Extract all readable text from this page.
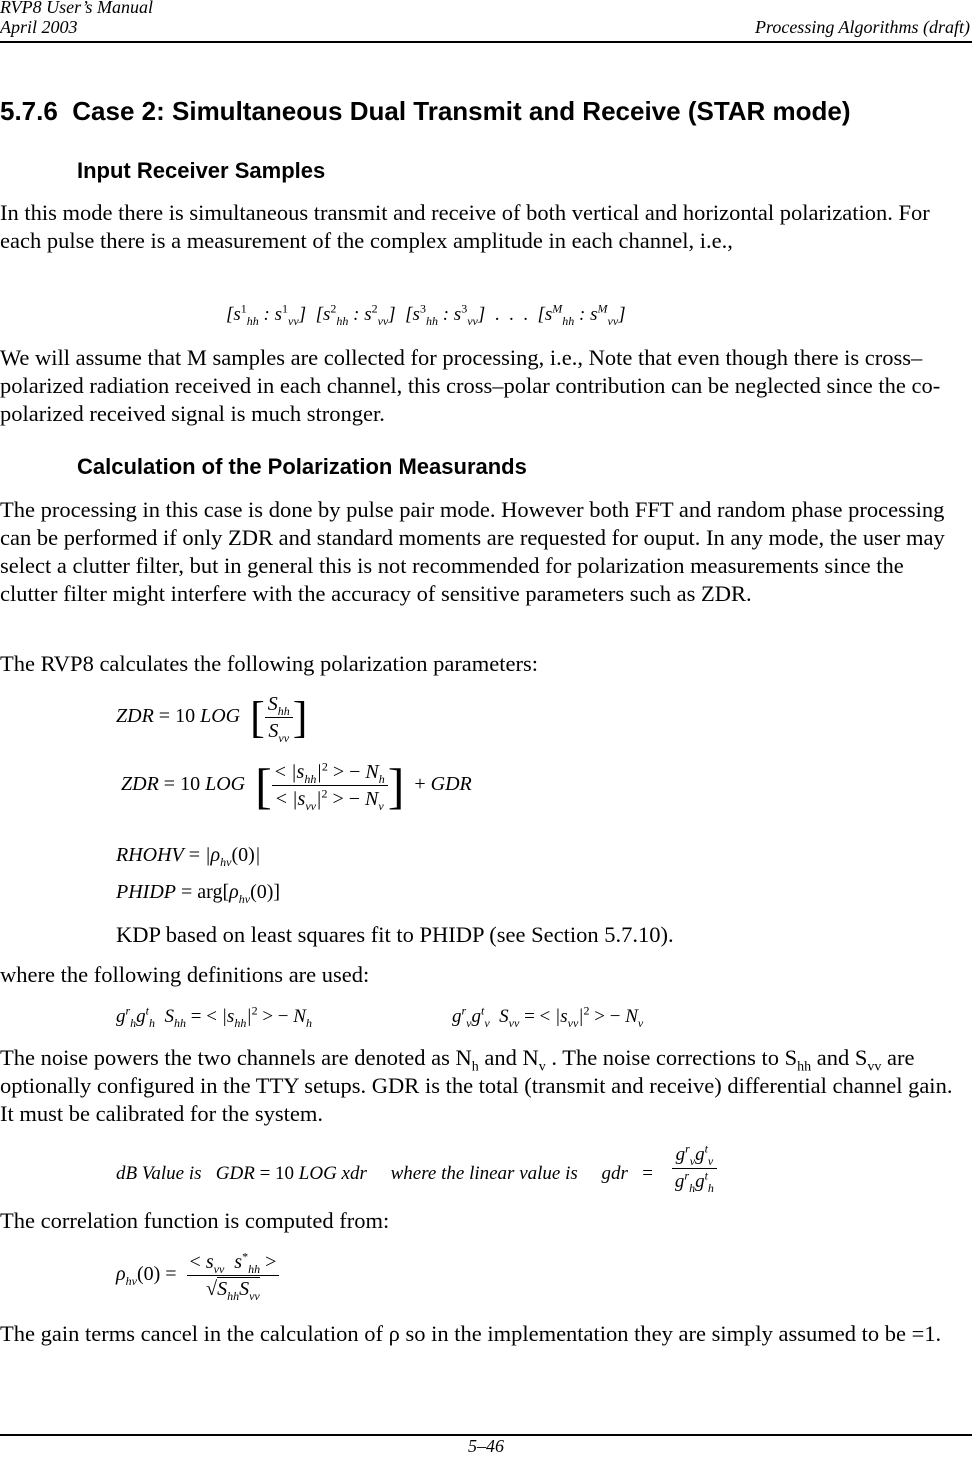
RVP8 User’s Manual
April 2003	Processing Algorithms (draft)
5.7.6 Case 2: Simultaneous Dual Transmit and Receive (STAR mode)
Input Receiver Samples
In this mode there is simultaneous transmit and receive of both vertical and horizontal polarization. For each pulse there is a measurement of the complex amplitude in each channel, i.e.,
[$s^1_{hh}$ : $s^1_{vv}$]  [$s^2_{hh}$ : $s^2_{vv}$]  [$s^3_{hh}$ : $s^3_{vv}$]  .  .  .  [$s^M_{hh}$ : $s^M_{vv}$]
We will assume that M samples are collected for processing, i.e., Note that even though there is cross–polarized radiation received in each channel, this cross–polar contribution can be neglected since the co-polarized received signal is much stronger.
Calculation of the Polarization Measurands
The processing in this case is done by pulse pair mode. However both FFT and random phase processing can be performed if only ZDR and standard moments are requested for ouput. In any mode, the user may select a clutter filter, but in general this is not recommended for polarization measurements since the clutter filter might interfere with the accuracy of sensitive parameters such as ZDR.
The RVP8 calculates the following polarization parameters:
ZDR = 10 LOG [ $\frac{S_{hh}}{S_{vv}}$ ]
ZDR = 10 LOG [ $\frac{< |s_{hh}|^2 > - N_h}{< |s_{vv}|^2 > - N_v}$ ] + GDR
RHOHV = $|\rho_{hv}(0)|$
PHIDP = $arg[\rho_{hv}(0)]$
KDP based on least squares fit to PHIDP (see Section 5.7.10).
where the following definitions are used:
$g^r_hg^t_h$  $S_{hh}$ = < $|s_{hh}|^2$ > − $N_h$	$g^r_vg^t_v$  $S_{vv}$ = < $|s_{vv}|^2$ > − $N_v$
The noise powers the two channels are denoted as $N_h$ and $N_v$ . The noise corrections to $S_{hh}$ and $S_{vv}$ are optionally configured in the TTY setups. GDR is the total (transmit and receive) differential channel gain. It must be calibrated for the system.
dB Value is GDR = 10 LOG xdr where the linear value is gdr = $\frac{g^r_vg^t_v}{g^r_hg^t_h}$
The correlation function is computed from:
$\rho_{hv}(0) = \frac{< s_{vv} s^*_{hh} >}{√S_{hh}S_{vv}}$
The gain terms cancel in the calculation of ρ so in the implementation they are simply assumed to be =1.
5–46
